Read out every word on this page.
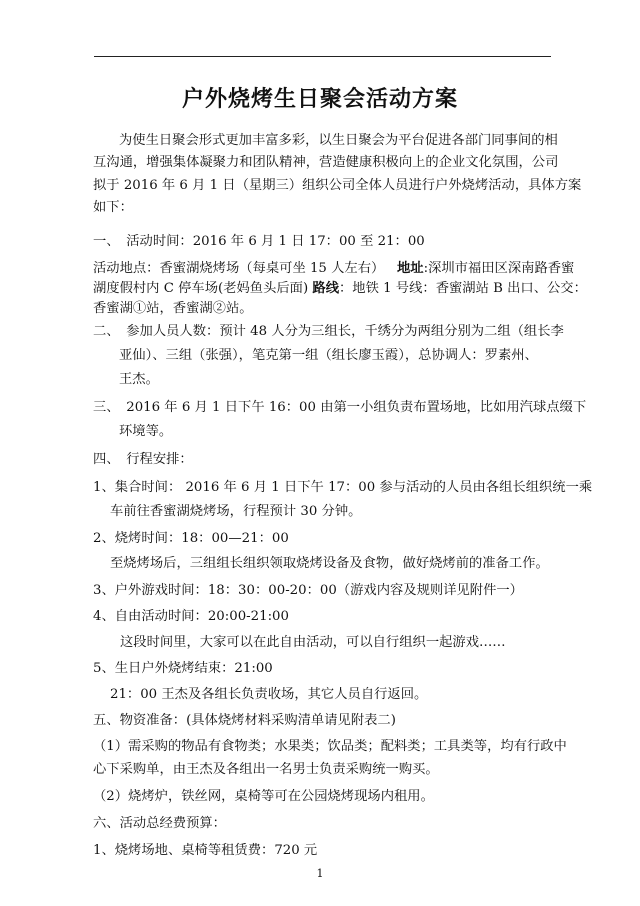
户外烧烤生日聚会活动方案
为使生日聚会形式更加丰富多彩，以生日聚会为平台促进各部门同事间的相
互沟通，增强集体凝聚力和团队精神，营造健康积极向上的企业文化氛围，公司
拟于 2016 年 6 月 1 日（星期三）组织公司全体人员进行户外烧烤活动，具体方案
如下：
一、　活动时间：2016 年 6 月 1 日 17：00 至 21：00
活动地点：香蜜湖烧烤场（每桌可坐 15 人左右） 地址:深圳市福田区深南路香蜜
湖度假村内 C 停车场(老妈鱼头后面) 路线：地铁 1 号线：香蜜湖站 B 出口、公交：
香蜜湖①站，香蜜湖②站。
二、　参加人员人数：预计 48 人分为三组长，千绣分为两组分别为二组（组长李
亚仙）、三组（张强），笔克第一组（组长廖玉霞），总协调人：罗素州、
王杰。
三、　2016 年 6 月 1 日下午 16：00 由第一小组负责布置场地，比如用汽球点缀下
环境等。
四、　行程安排：
1、集合时间： 2016 年 6 月 1 日下午 17：00 参与活动的人员由各组长组织统一乘
车前往香蜜湖烧烤场，行程预计 30 分钟。
2、烧烤时间：18：00—21：00
至烧烤场后，三组组长组织领取烧烤设备及食物，做好烧烤前的准备工作。
3、户外游戏时间：18：30：00-20：00（游戏内容及规则详见附件一）
4、自由活动时间：20:00-21:00
这段时间里，大家可以在此自由活动，可以自行组织一起游戏……
5、生日户外烧烤结束：21:00
21：00 王杰及各组长负责收场，其它人员自行返回。
五、物资准备：(具体烧烤材料采购清单请见附表二)
（1）需采购的物品有食物类；水果类；饮品类；配料类；工具类等，均有行政中
心下采购单，由王杰及各组出一名男士负责采购统一购买。
（2）烧烤炉，铁丝网，桌椅等可在公园烧烤现场内租用。
六、活动总经费预算：
1、烧烤场地、桌椅等租赁费：720 元
1
